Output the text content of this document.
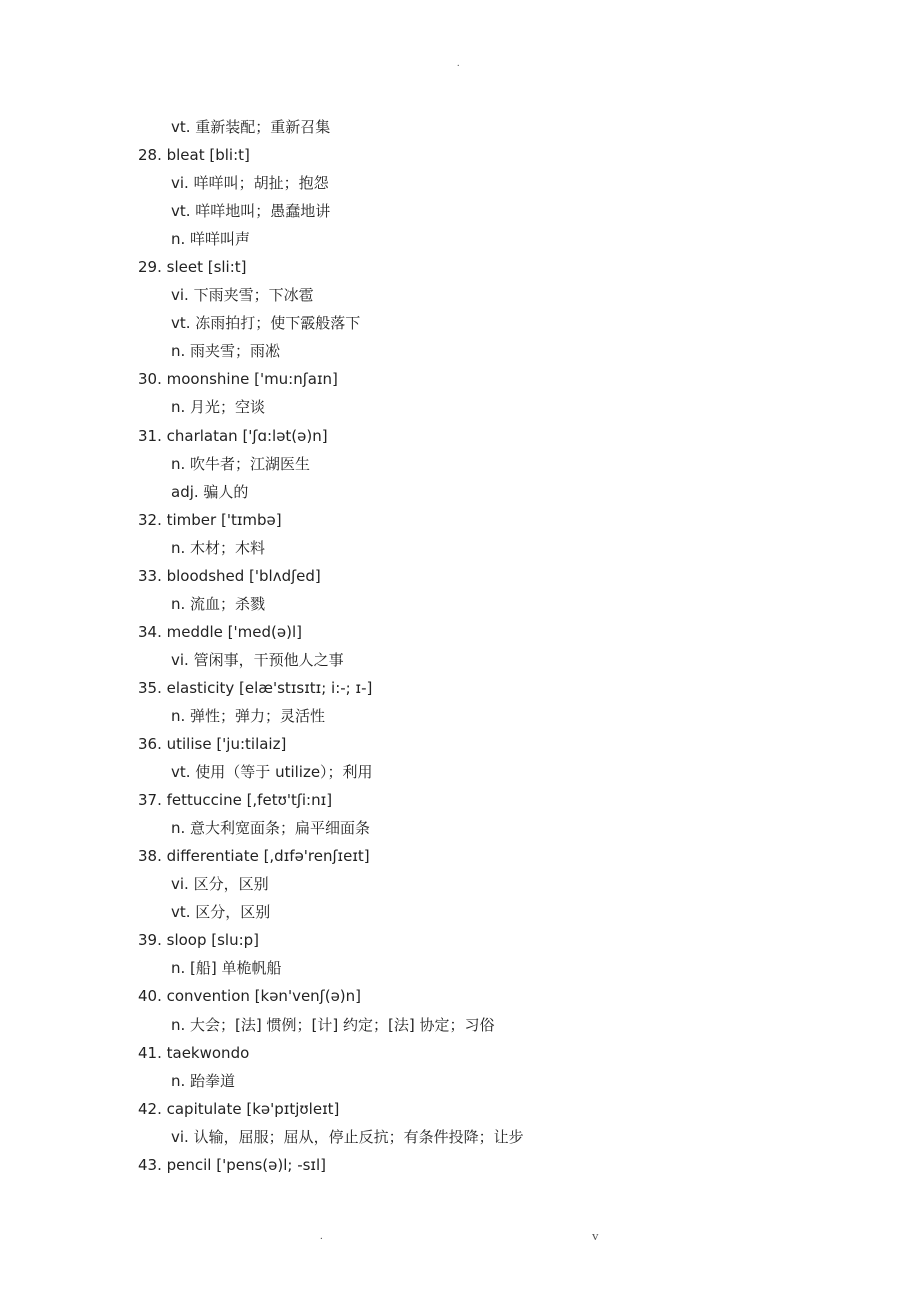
.
vt. 重新装配；重新召集
28. bleat [bli:t]
vi. 咩咩叫；胡扯；抱怨
vt. 咩咩地叫；愚蠢地讲
n. 咩咩叫声
29. sleet [sli:t]
vi. 下雨夹雪；下冰雹
vt. 冻雨拍打；使下霰般落下
n. 雨夹雪；雨凇
30. moonshine ['mu:nʃaɪn]
n. 月光；空谈
31. charlatan ['ʃɑ:lət(ə)n]
n. 吹牛者；江湖医生
adj. 骗人的
32. timber ['tɪmbə]
n. 木材；木料
33. bloodshed ['blʌdʃed]
n. 流血；杀戮
34. meddle ['med(ə)l]
vi. 管闲事，干预他人之事
35. elasticity [elæ'stɪsɪtɪ; i:-; ɪ-]
n. 弹性；弹力；灵活性
36. utilise ['ju:tilaiz]
vt. 使用（等于 utilize）；利用
37. fettuccine [,fetʊ'tʃi:nɪ]
n. 意大利宽面条；扁平细面条
38. differentiate [,dɪfə'renʃɪeɪt]
vi. 区分，区别
vt. 区分，区别
39. sloop [slu:p]
n. [船] 单桅帆船
40. convention [kən'venʃ(ə)n]
n. 大会；[法] 惯例；[计] 约定；[法] 协定；习俗
41. taekwondo
n. 跆拳道
42. capitulate [kə'pɪtjʊleɪt]
vi. 认输，屈服；屈从，停止反抗；有条件投降；让步
43. pencil ['pens(ə)l; -sɪl]
.	v
